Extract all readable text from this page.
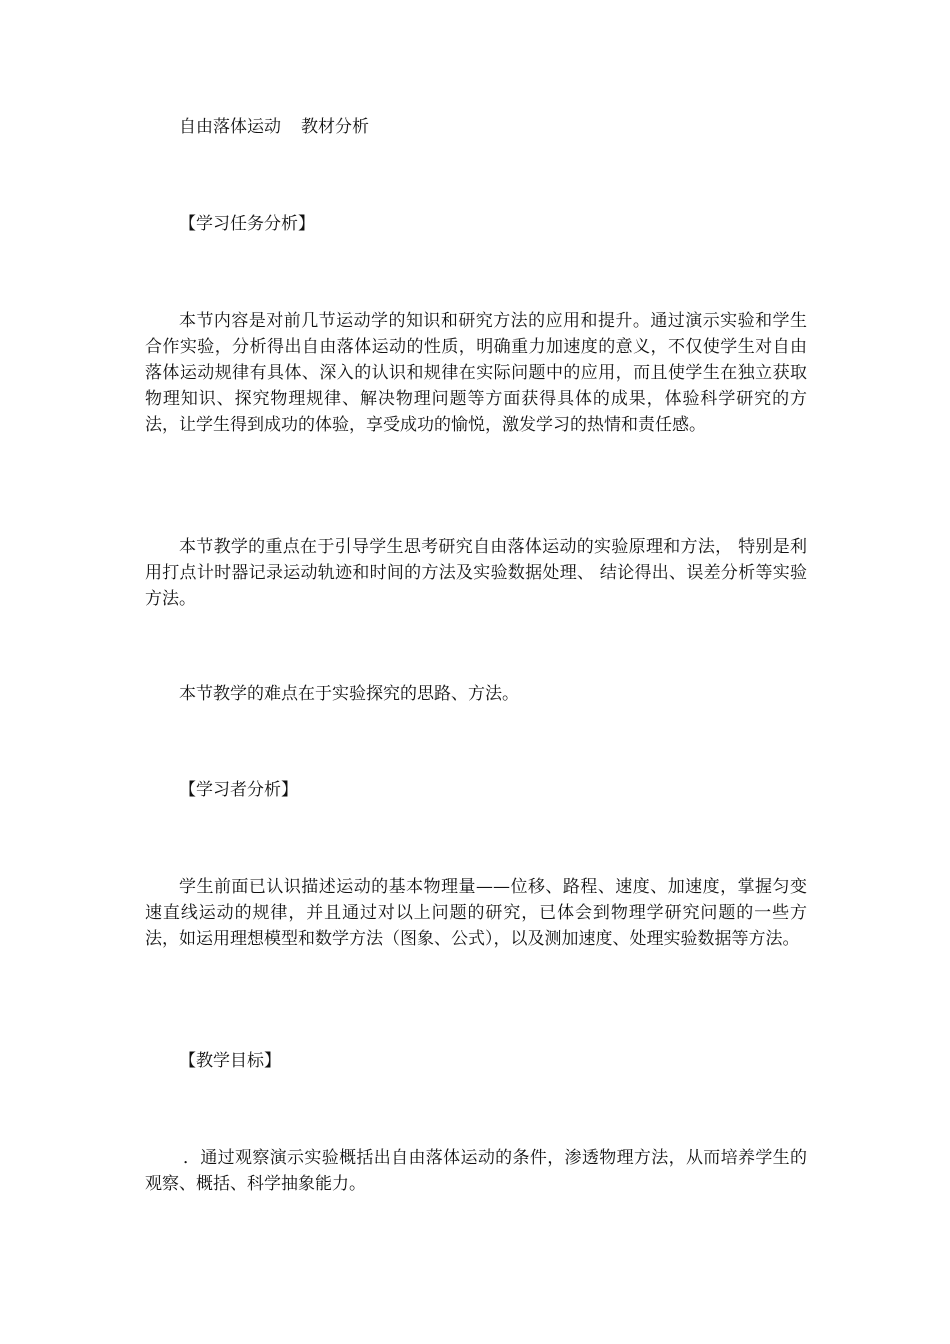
自由落体运动 教材分析

【学习任务分析】

本节内容是对前几节运动学的知识和研究方法的应用和提升。通过演示实验和学生合作实验，分析得出自由落体运动的性质，明确重力加速度的意义，不仅使学生对自由落体运动规律有具体、深入的认识和规律在实际问题中的应用，而且使学生在独立获取物理知识、探究物理规律、解决物理问题等方面获得具体的成果，体验科学研究的方法，让学生得到成功的体验，享受成功的愉悦，激发学习的热情和责任感。

本节教学的重点在于引导学生思考研究自由落体运动的实验原理和方法， 特别是利用打点计时器记录运动轨迹和时间的方法及实验数据处理、 结论得出、误差分析等实验方法。

本节教学的难点在于实验探究的思路、方法。

【学习者分析】

学生前面已认识描述运动的基本物理量——位移、路程、速度、加速度，掌握匀变速直线运动的规律，并且通过对以上问题的研究，已体会到物理学研究问题的一些方法，如运用理想模型和数学方法（图象、公式），以及测加速度、处理实验数据等方法。

【教学目标】

．通过观察演示实验概括出自由落体运动的条件，渗透物理方法，从而培养学生的观察、概括、科学抽象能力。
